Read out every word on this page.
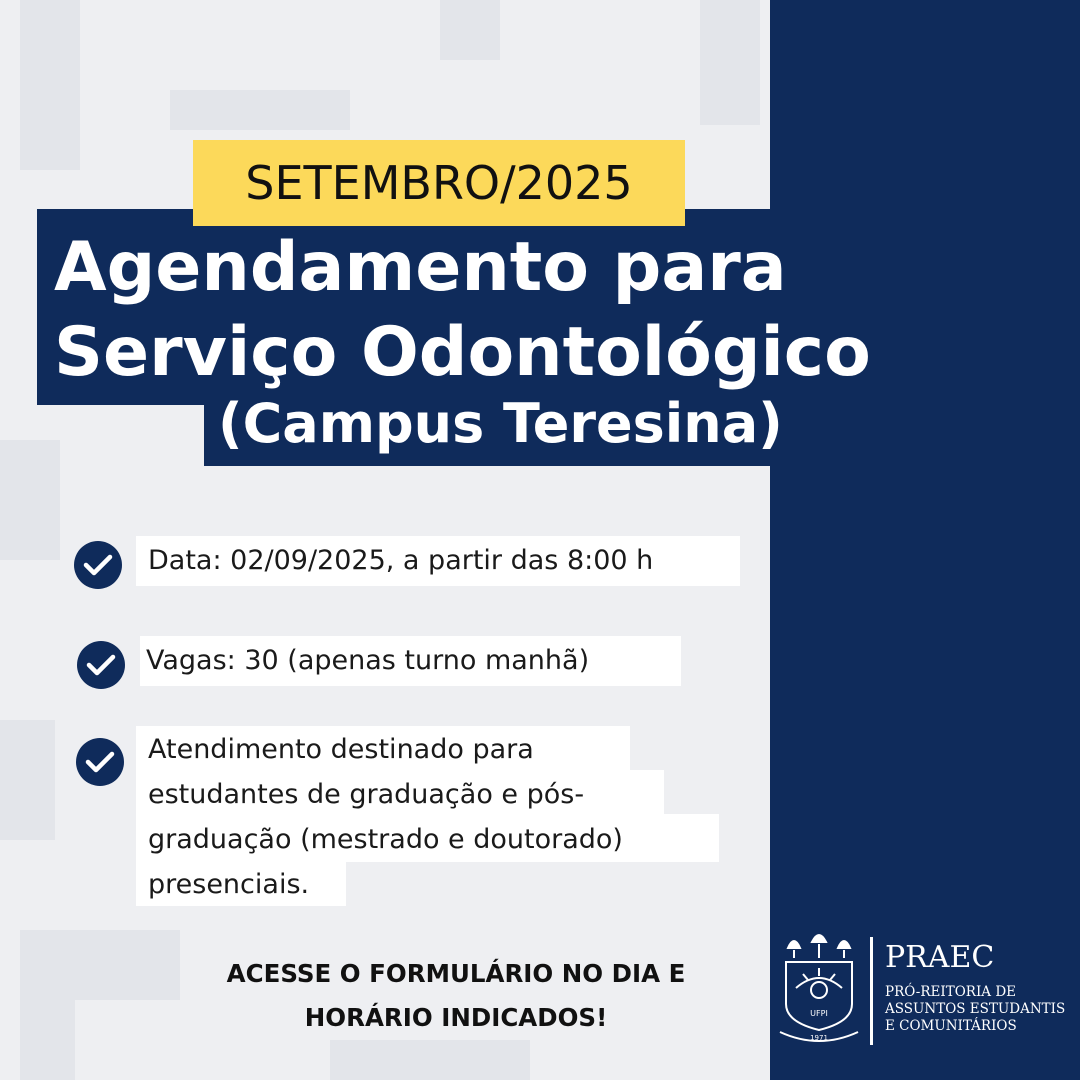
SETEMBRO/2025
Agendamento para
Serviço Odontológico
(Campus Teresina)
Data: 02/09/2025, a partir das 8:00 h
Vagas: 30 (apenas turno manhã)
Atendimento destinado para
estudantes de graduação e pós-
graduação (mestrado e doutorado)
presenciais.
ACESSE O FORMULÁRIO NO DIA E
HORÁRIO INDICADOS!	UFPI
1971
PRAEC
PRÓ-REITORIA DE
ASSUNTOS ESTUDANTIS
E COMUNITÁRIOS
